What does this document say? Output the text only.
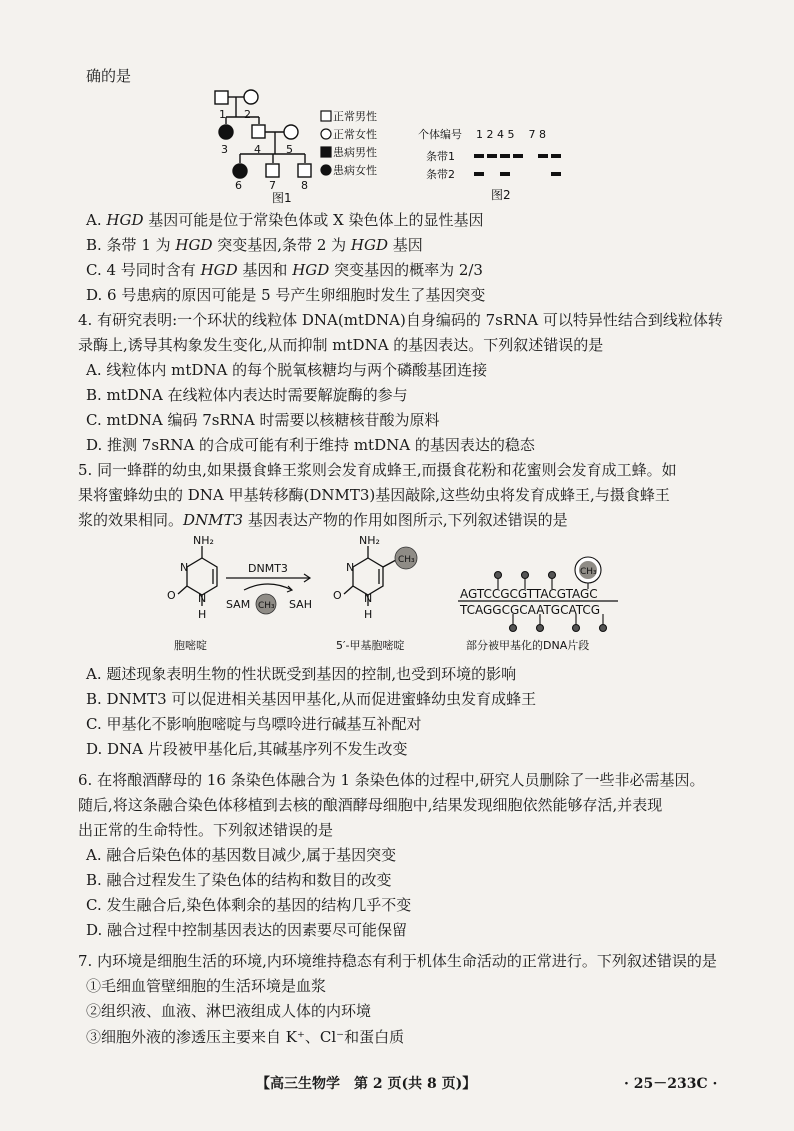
确的是
1 2
3 4 5
6 7 8
图1
正常男性
正常女性
患病男性
患病女性
个体编号 1 2 4 5    7 8
条带1
条带2
图2
A. HGD 基因可能是位于常染色体或 X 染色体上的显性基因
B. 条带 1 为 HGD 突变基因,条带 2 为 HGD 基因
C. 4 号同时含有 HGD 基因和 HGD 突变基因的概率为 2/3
D. 6 号患病的原因可能是 5 号产生卵细胞时发生了基因突变
4. 有研究表明:一个环状的线粒体 DNA(mtDNA)自身编码的 7sRNA 可以特异性结合到线粒体转
录酶上,诱导其构象发生变化,从而抑制 mtDNA 的基因表达。下列叙述错误的是
A. 线粒体内 mtDNA 的每个脱氧核糖均与两个磷酸基团连接
B. mtDNA 在线粒体内表达时需要解旋酶的参与
C. mtDNA 编码 7sRNA 时需要以核糖核苷酸为原料
D. 推测 7sRNA 的合成可能有利于维持 mtDNA 的基因表达的稳态
5. 同一蜂群的幼虫,如果摄食蜂王浆则会发育成蜂王,而摄食花粉和花蜜则会发育成工蜂。如
果将蜜蜂幼虫的 DNA 甲基转移酶(DNMT3)基因敲除,这些幼虫将发育成蜂王,与摄食蜂王
浆的效果相同。DNMT3 基因表达产物的作用如图所示,下列叙述错误的是
NH₂
N
N
O
H
胞嘧啶
DNMT3
SAM	SAH
CH₃
NH₂
N
N
O
H
CH₃
5′-甲基胞嘧啶
CH₃
AGTCCGCGTTACGTAGC
TCAGGCGCAATGCATCG
部分被甲基化的DNA片段
A. 题述现象表明生物的性状既受到基因的控制,也受到环境的影响
B. DNMT3 可以促进相关基因甲基化,从而促进蜜蜂幼虫发育成蜂王
C. 甲基化不影响胞嘧啶与鸟嘌呤进行碱基互补配对
D. DNA 片段被甲基化后,其碱基序列不发生改变
6. 在将酿酒酵母的 16 条染色体融合为 1 条染色体的过程中,研究人员删除了一些非必需基因。
随后,将这条融合染色体移植到去核的酿酒酵母细胞中,结果发现细胞依然能够存活,并表现
出正常的生命特性。下列叙述错误的是
A. 融合后染色体的基因数目减少,属于基因突变
B. 融合过程发生了染色体的结构和数目的改变
C. 发生融合后,染色体剩余的基因的结构几乎不变
D. 融合过程中控制基因表达的因素要尽可能保留
7. 内环境是细胞生活的环境,内环境维持稳态有利于机体生命活动的正常进行。下列叙述错误的是
①毛细血管壁细胞的生活环境是血浆
②组织液、血液、淋巴液组成人体的内环境
③细胞外液的渗透压主要来自 K⁺、Cl⁻和蛋白质
【高三生物学　第 2 页(共 8 页)】	· 25－233C ·
